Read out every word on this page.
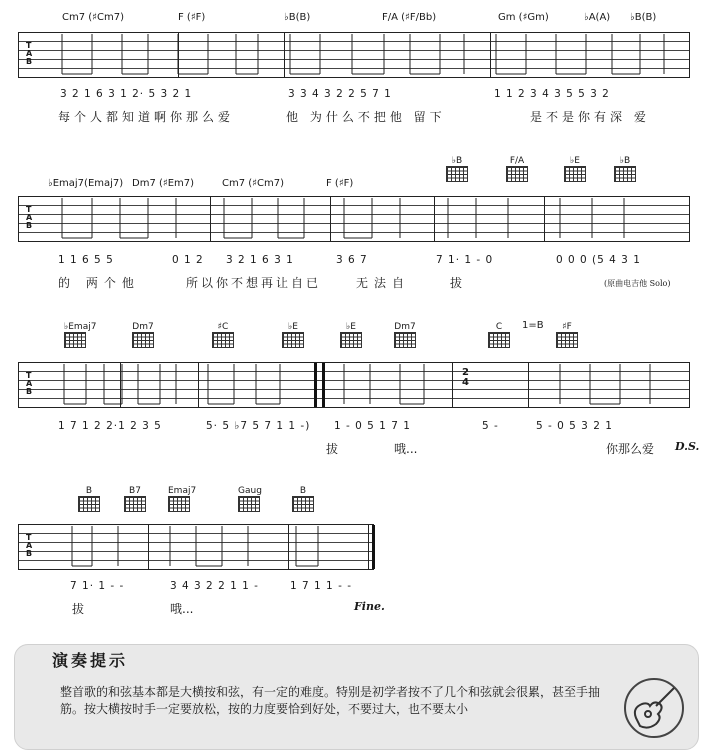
Cm7 (♯Cm7)	F (♯F)	♭B(B)	F/A (♯F/Bb)	Gm (♯Gm)	♭A(A) ♭B(B)
T
A
B
3 2 1 6 3 1 2· 5 3 2 1	3 3 4 3 2 2 5 7 1	1 1 2 3 4 3 5 5 3 2
每个人都知道啊你那么爱	他 为什么不把他 留下	是不是你有深 爱
♭Emaj7(Emaj7) Dm7 (♯Em7)	Cm7 (♯Cm7)	F (♯F)
♭B	F/A	♭E	♭B
T
A
B
1 1 6 5 5	0 1 2 3 2 1 6 3 1	3 6 7	7 1· 1 - 0	0 0 0 (5 4 3 1
的 两个他	所以你不想再让自已	无法自	拔	(原曲电吉他 Solo)
♭Emaj7	Dm7	♯C	♭E	♭E	Dm7	C	1=B	♯F
T
A
B
2
4
1 7 1 2 2·1 2 3 5	5· 5 ♭7 5 7 1 1 -) 1 - 0 5 1 7 1	5 -	5 - 0 5 3 2 1
拔	哦...	你那么爱 D.S.
B	B7	Emaj7	Gaug	B
T
A
B
7 1· 1 - -	3 4 3 2 2 1 1 -	1 7 1 1 - -
拔	哦...	Fine.
演奏提示
整首歌的和弦基本都是大横按和弦，有一定的难度。特别是初学者按不了几个和弦就会很累，甚至手抽筋。按大横按时手一定要放松，按的力度要恰到好处，不要过大，也不要太小
